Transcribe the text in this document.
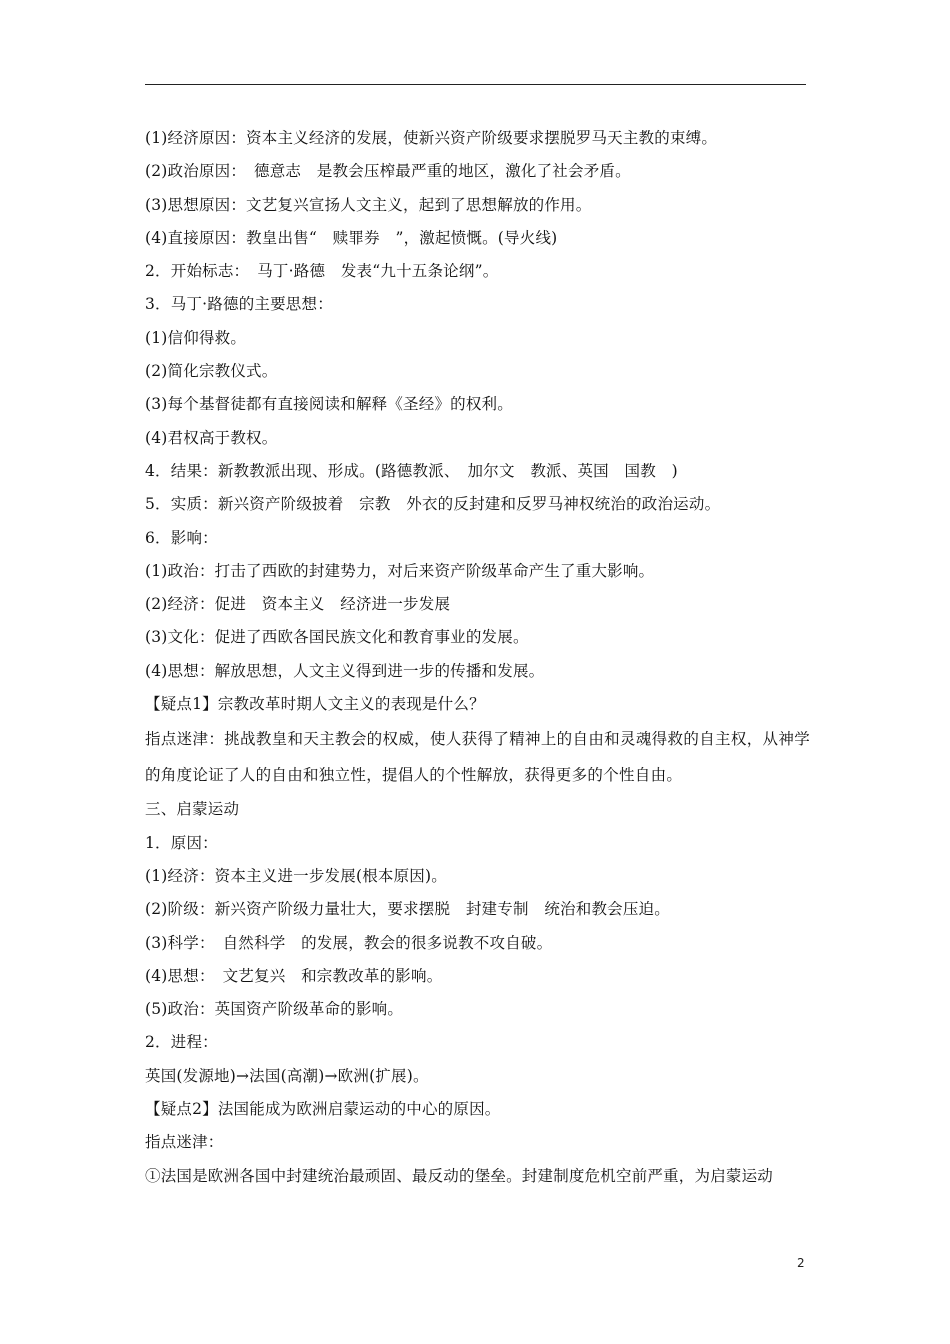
(1)经济原因：资本主义经济的发展，使新兴资产阶级要求摆脱罗马天主教的束缚。
(2)政治原因：　德意志　是教会压榨最严重的地区，激化了社会矛盾。
(3)思想原因：文艺复兴宣扬人文主义，起到了思想解放的作用。
(4)直接原因：教皇出售“　赎罪券　”，激起愤慨。(导火线)
2．开始标志：　马丁·路德　发表“九十五条论纲”。
3．马丁·路德的主要思想：
(1)信仰得救。
(2)简化宗教仪式。
(3)每个基督徒都有直接阅读和解释《圣经》的权利。
(4)君权高于教权。
4．结果：新教教派出现、形成。(路德教派、　加尔文　教派、英国　国教　)
5．实质：新兴资产阶级披着　宗教　外衣的反封建和反罗马神权统治的政治运动。
6．影响：
(1)政治：打击了西欧的封建势力，对后来资产阶级革命产生了重大影响。
(2)经济：促进　资本主义　经济进一步发展
(3)文化：促进了西欧各国民族文化和教育事业的发展。
(4)思想：解放思想，人文主义得到进一步的传播和发展。
【疑点1】宗教改革时期人文主义的表现是什么？
指点迷津：挑战教皇和天主教会的权威，使人获得了精神上的自由和灵魂得救的自主权，从神学的角度论证了人的自由和独立性，提倡人的个性解放，获得更多的个性自由。
三、启蒙运动
1．原因：
(1)经济：资本主义进一步发展(根本原因)。
(2)阶级：新兴资产阶级力量壮大，要求摆脱　封建专制　统治和教会压迫。
(3)科学：　自然科学　的发展，教会的很多说教不攻自破。
(4)思想：　文艺复兴　和宗教改革的影响。
(5)政治：英国资产阶级革命的影响。
2．进程：
英国(发源地)→法国(高潮)→欧洲(扩展)。
【疑点2】法国能成为欧洲启蒙运动的中心的原因。
指点迷津：
①法国是欧洲各国中封建统治最顽固、最反动的堡垒。封建制度危机空前严重，为启蒙运动
2
